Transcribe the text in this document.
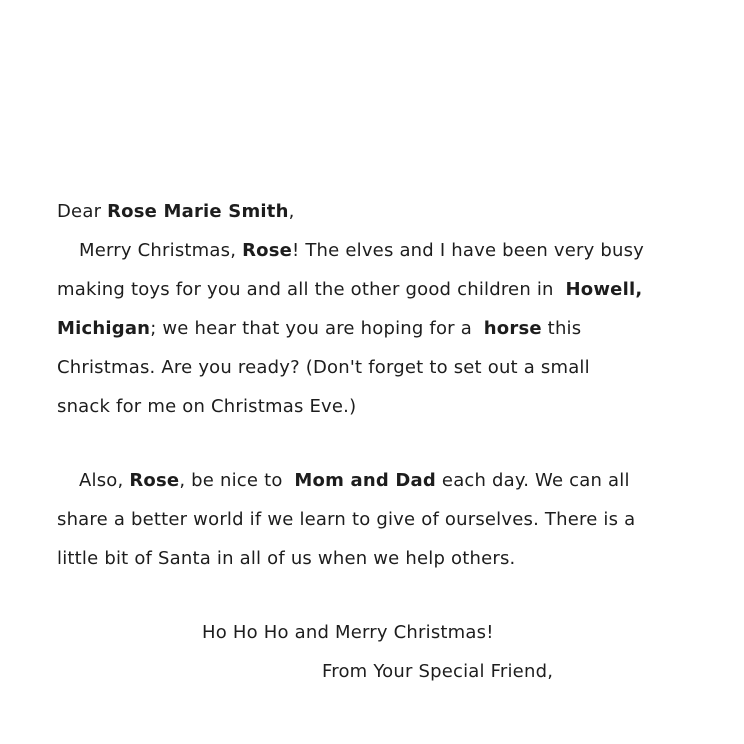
Dear Rose Marie Smith,
Merry Christmas, Rose! The elves and I have been very busy
making toys for you and all the other good children in  Howell,
Michigan; we hear that you are hoping for a  horse this
Christmas. Are you ready? (Don't forget to set out a small
snack for me on Christmas Eve.)
Also, Rose, be nice to  Mom and Dad each day. We can all
share a better world if we learn to give of ourselves. There is a
little bit of Santa in all of us when we help others.
Ho Ho Ho and Merry Christmas!
From Your Special Friend,
